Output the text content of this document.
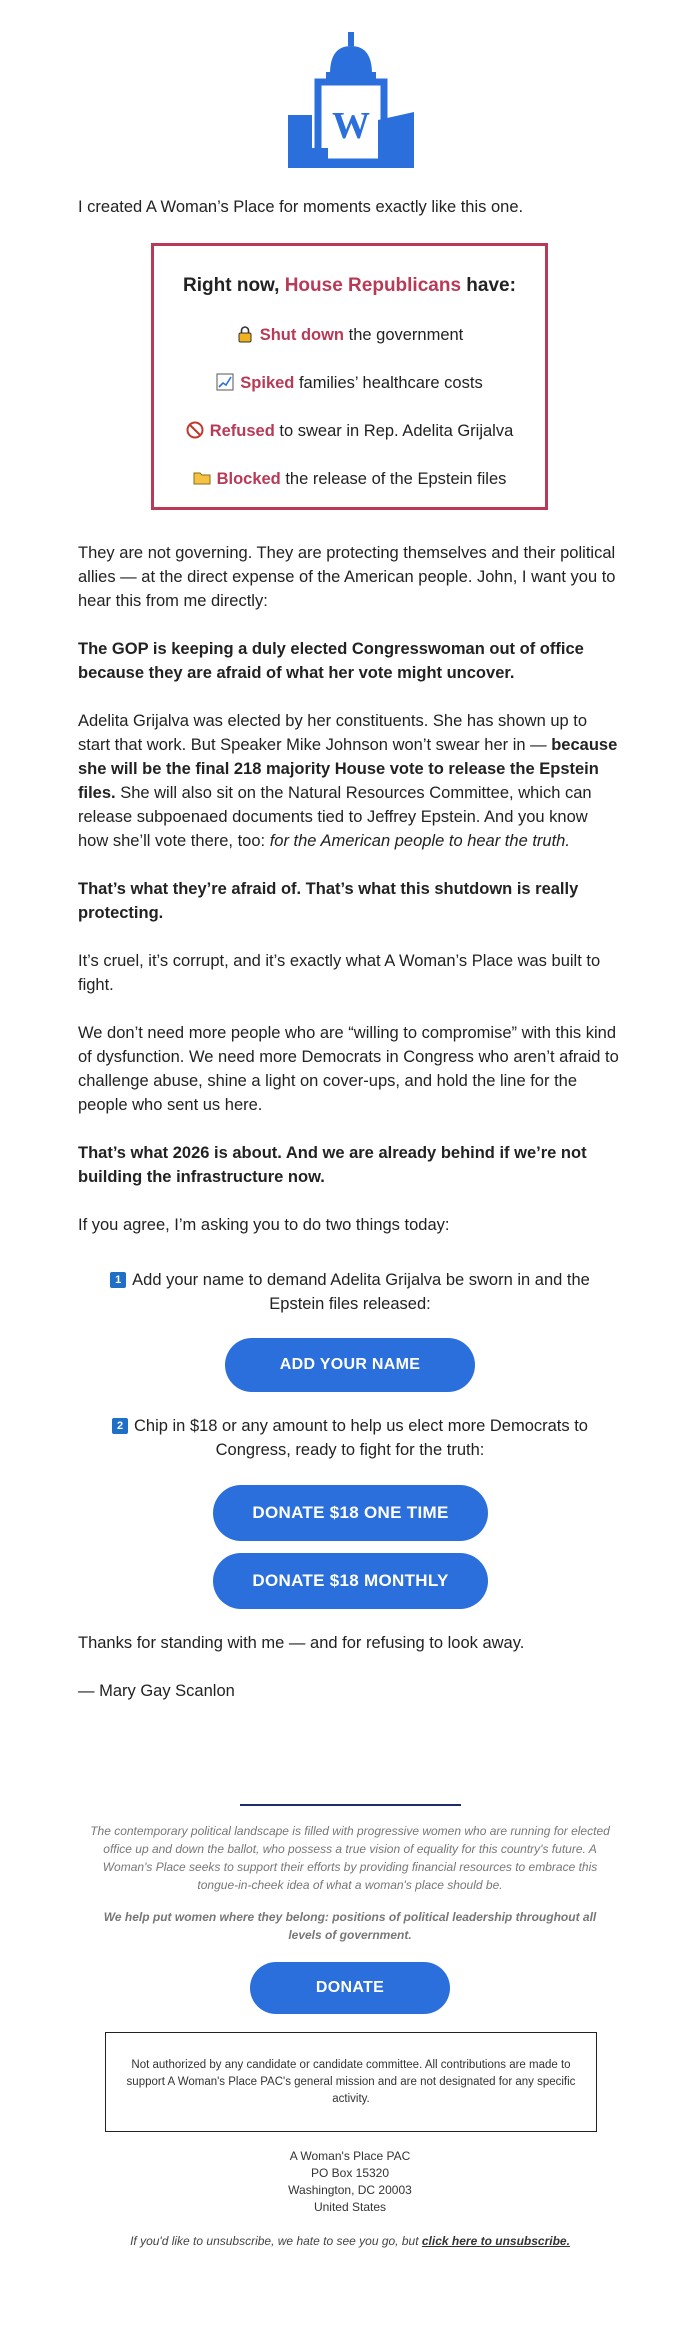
W

I created A Woman’s Place for moments exactly like this one.

Right now, House Republicans have:
Shut down the government
Spiked families’ healthcare costs
Refused to swear in Rep. Adelita Grijalva
Blocked the release of the Epstein files

They are not governing. They are protecting themselves and their political allies — at the direct expense of the American people. John, I want you to hear this from me directly:

The GOP is keeping a duly elected Congresswoman out of office because they are afraid of what her vote might uncover.

Adelita Grijalva was elected by her constituents. She has shown up to start that work. But Speaker Mike Johnson won’t swear her in — because she will be the final 218 majority House vote to release the Epstein files. She will also sit on the Natural Resources Committee, which can release subpoenaed documents tied to Jeffrey Epstein. And you know how she’ll vote there, too: for the American people to hear the truth.

That’s what they’re afraid of. That’s what this shutdown is really protecting.

It’s cruel, it’s corrupt, and it’s exactly what A Woman’s Place was built to fight.

We don’t need more people who are “willing to compromise” with this kind of dysfunction. We need more Democrats in Congress who aren’t afraid to challenge abuse, shine a light on cover-ups, and hold the line for the people who sent us here.

That’s what 2026 is about. And we are already behind if we’re not building the infrastructure now.

If you agree, I’m asking you to do two things today:

1 Add your name to demand Adelita Grijalva be sworn in and the Epstein files released:

ADD YOUR NAME

2 Chip in $18 or any amount to help us elect more Democrats to Congress, ready to fight for the truth:

DONATE $18 ONE TIME
DONATE $18 MONTHLY

Thanks for standing with me — and for refusing to look away.

— Mary Gay Scanlon

The contemporary political landscape is filled with progressive women who are running for elected office up and down the ballot, who possess a true vision of equality for this country's future. A Woman's Place seeks to support their efforts by providing financial resources to embrace this tongue-in-cheek idea of what a woman's place should be.
We help put women where they belong: positions of political leadership throughout all levels of government.
DONATE
Not authorized by any candidate or candidate committee. All contributions are made to support A Woman's Place PAC's general mission and are not designated for any specific activity.
A Woman's Place PAC
PO Box 15320
Washington, DC 20003
United States
If you'd like to unsubscribe, we hate to see you go, but click here to unsubscribe.
